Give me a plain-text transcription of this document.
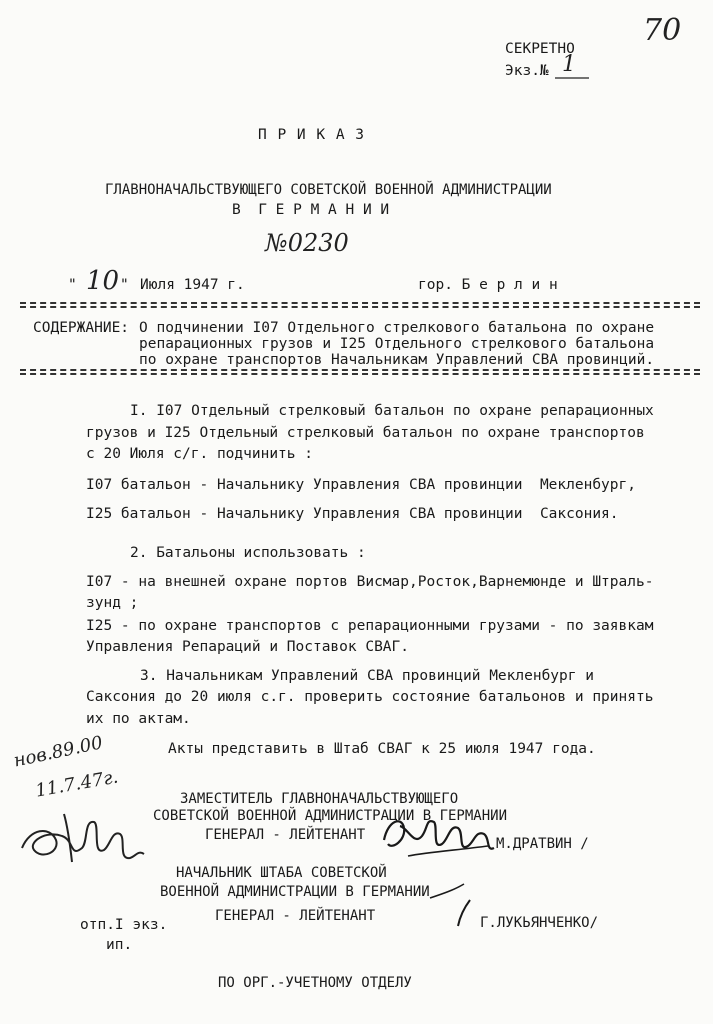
СЕКРЕТНО
Экз.№ 1
70
П Р И К А З
ГЛАВНОНАЧАЛЬСТВУЮЩЕГО СОВЕТСКОЙ ВОЕННОЙ АДМИНИСТРАЦИИ
В  Г Е Р М А Н И И
№0230
" 10 " Июля 1947 г.	гор. Б е р л и н
СОДЕРЖАНИЕ: О подчинении I07 Отдельного стрелкового батальона по охране
репарационных грузов и I25 Отдельного стрелкового батальона
по охране транспортов Начальникам Управлений СВА провинций.
I. I07 Отдельный стрелковый батальон по охране репарационных
грузов и I25 Отдельный стрелковый батальон по охране транспортов
с 20 Июля с/г. подчинить :
I07 батальон - Начальнику Управления СВА провинции  Мекленбург,
I25 батальон - Начальнику Управления СВА провинции  Саксония.
2. Батальоны использовать :
I07 - на внешней охране портов Висмар,Росток,Варнемюнде и Штраль-
зунд ;
I25 - по охране транспортов с репарационными грузами - по заявкам
Управления Репараций и Поставок СВАГ.
3. Начальникам Управлений СВА провинций Мекленбург и
Саксония до 20 июля с.г. проверить состояние батальонов и принять
их по актам.
Акты представить в Штаб СВАГ к 25 июля 1947 года.
нов.89.00
11.7.47г.	ЗАМЕСТИТЕЛЬ ГЛАВНОНАЧАЛЬСТВУЮЩЕГО
СОВЕТСКОЙ ВОЕННОЙ АДМИНИСТРАЦИИ В ГЕРМАНИИ
ГЕНЕРАЛ - ЛЕЙТЕНАНТ
М.ДРАТВИН /
НАЧАЛЬНИК ШТАБА СОВЕТСКОЙ
ВОЕННОЙ АДМИНИСТРАЦИИ В ГЕРМАНИИ
ГЕНЕРАЛ - ЛЕЙТЕНАНТ	Г.ЛУКЬЯНЧЕНКО/
отп.I экз.
ип.
ПО ОРГ.-УЧЕТНОМУ ОТДЕЛУ
